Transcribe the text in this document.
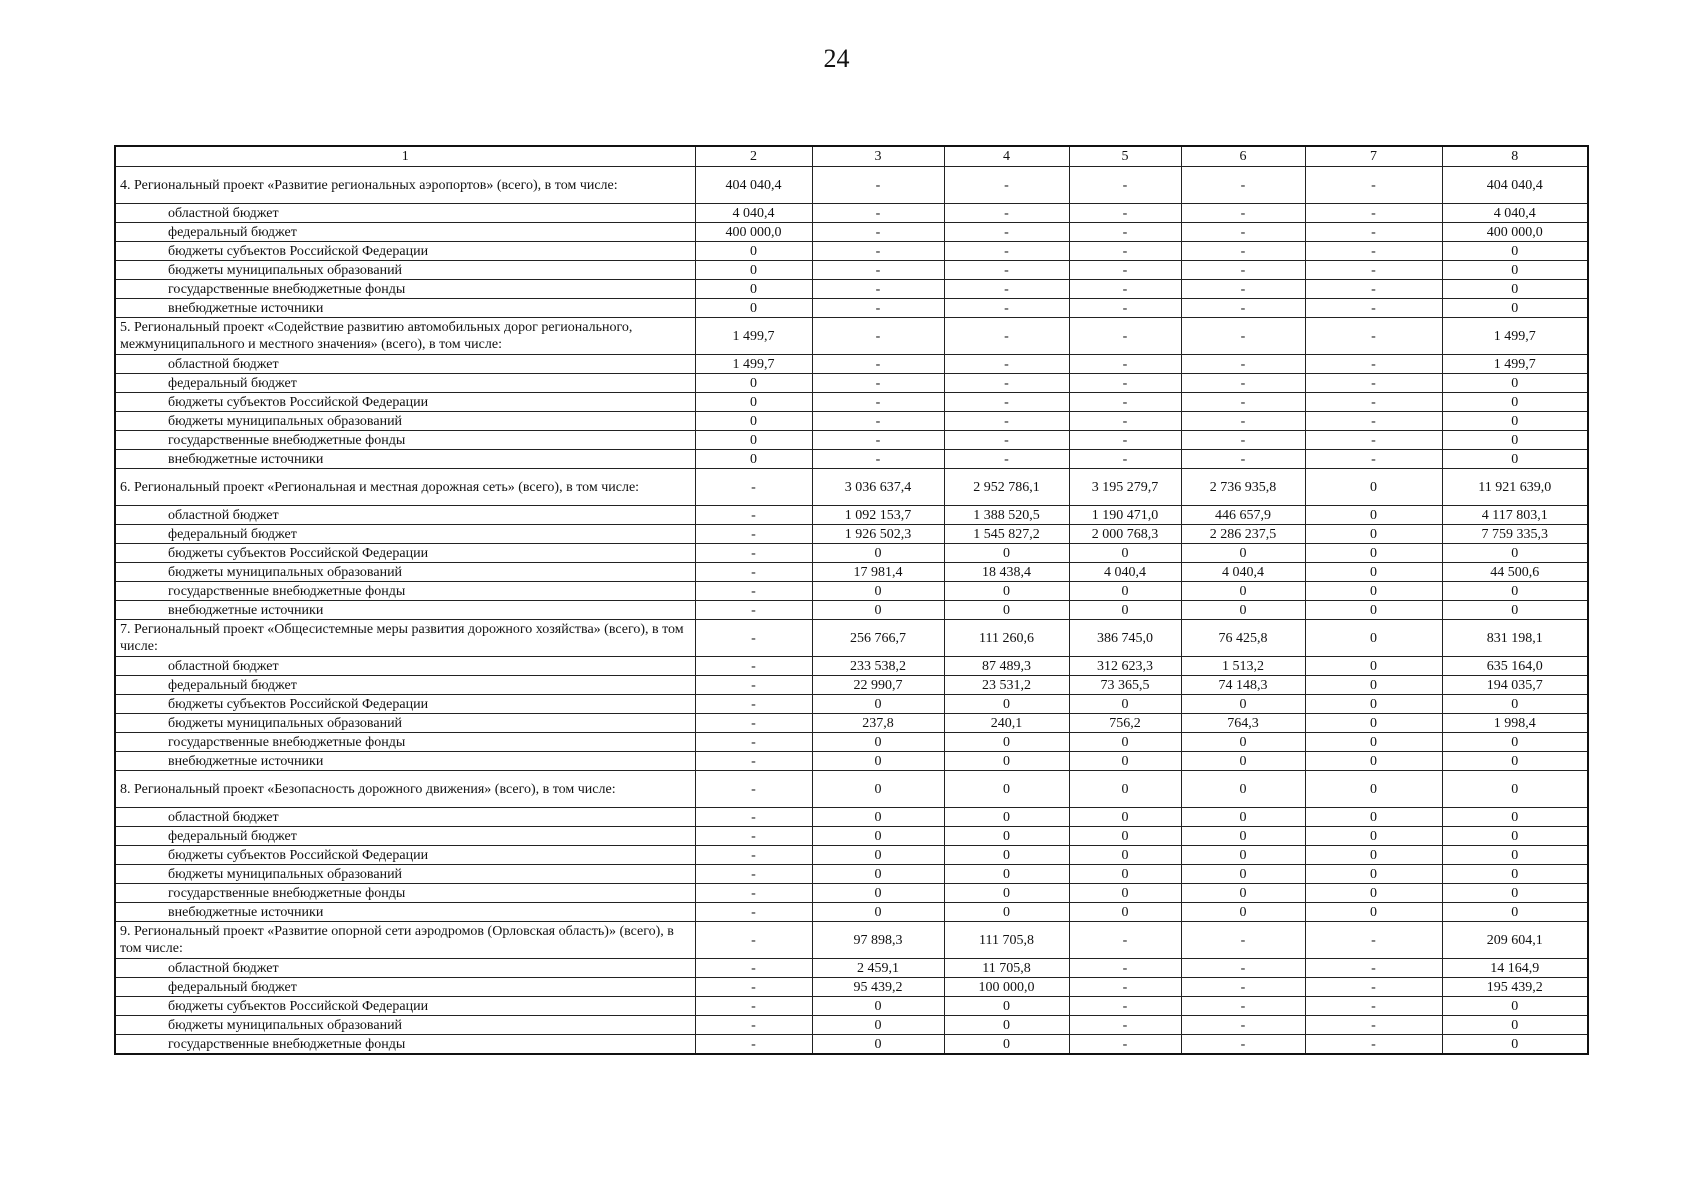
24
1	2	3	4	5	6	7	8
4. Региональный проект «Развитие региональных аэропортов» (всего), в том числе:	404 040,4	-	-	-	-	-	404 040,4
областной бюджет	4 040,4	-	-	-	-	-	4 040,4
федеральный бюджет	400 000,0	-	-	-	-	-	400 000,0
бюджеты субъектов Российской Федерации	0	-	-	-	-	-	0
бюджеты муниципальных образований	0	-	-	-	-	-	0
государственные внебюджетные фонды	0	-	-	-	-	-	0
внебюджетные источники	0	-	-	-	-	-	0
5. Региональный проект «Содействие развитию автомобильных дорог регионального, межмуниципального и местного значения» (всего), в том числе:	1 499,7	-	-	-	-	-	1 499,7
областной бюджет	1 499,7	-	-	-	-	-	1 499,7
федеральный бюджет	0	-	-	-	-	-	0
бюджеты субъектов Российской Федерации	0	-	-	-	-	-	0
бюджеты муниципальных образований	0	-	-	-	-	-	0
государственные внебюджетные фонды	0	-	-	-	-	-	0
внебюджетные источники	0	-	-	-	-	-	0
6. Региональный проект «Региональная и местная дорожная сеть» (всего), в том числе:	-	3 036 637,4	2 952 786,1	3 195 279,7	2 736 935,8	0	11 921 639,0
областной бюджет	-	1 092 153,7	1 388 520,5	1 190 471,0	446 657,9	0	4 117 803,1
федеральный бюджет	-	1 926 502,3	1 545 827,2	2 000 768,3	2 286 237,5	0	7 759 335,3
бюджеты субъектов Российской Федерации	-	0	0	0	0	0	0
бюджеты муниципальных образований	-	17 981,4	18 438,4	4 040,4	4 040,4	0	44 500,6
государственные внебюджетные фонды	-	0	0	0	0	0	0
внебюджетные источники	-	0	0	0	0	0	0
7. Региональный проект «Общесистемные меры развития дорожного хозяйства» (всего), в том числе:	-	256 766,7	111 260,6	386 745,0	76 425,8	0	831 198,1
областной бюджет	-	233 538,2	87 489,3	312 623,3	1 513,2	0	635 164,0
федеральный бюджет	-	22 990,7	23 531,2	73 365,5	74 148,3	0	194 035,7
бюджеты субъектов Российской Федерации	-	0	0	0	0	0	0
бюджеты муниципальных образований	-	237,8	240,1	756,2	764,3	0	1 998,4
государственные внебюджетные фонды	-	0	0	0	0	0	0
внебюджетные источники	-	0	0	0	0	0	0
8. Региональный проект «Безопасность дорожного движения» (всего), в том числе:	-	0	0	0	0	0	0
областной бюджет	-	0	0	0	0	0	0
федеральный бюджет	-	0	0	0	0	0	0
бюджеты субъектов Российской Федерации	-	0	0	0	0	0	0
бюджеты муниципальных образований	-	0	0	0	0	0	0
государственные внебюджетные фонды	-	0	0	0	0	0	0
внебюджетные источники	-	0	0	0	0	0	0
9. Региональный проект «Развитие опорной сети аэродромов (Орловская область)» (всего), в том числе:	-	97 898,3	111 705,8	-	-	-	209 604,1
областной бюджет	-	2 459,1	11 705,8	-	-	-	14 164,9
федеральный бюджет	-	95 439,2	100 000,0	-	-	-	195 439,2
бюджеты субъектов Российской Федерации	-	0	0	-	-	-	0
бюджеты муниципальных образований	-	0	0	-	-	-	0
государственные внебюджетные фонды	-	0	0	-	-	-	0
